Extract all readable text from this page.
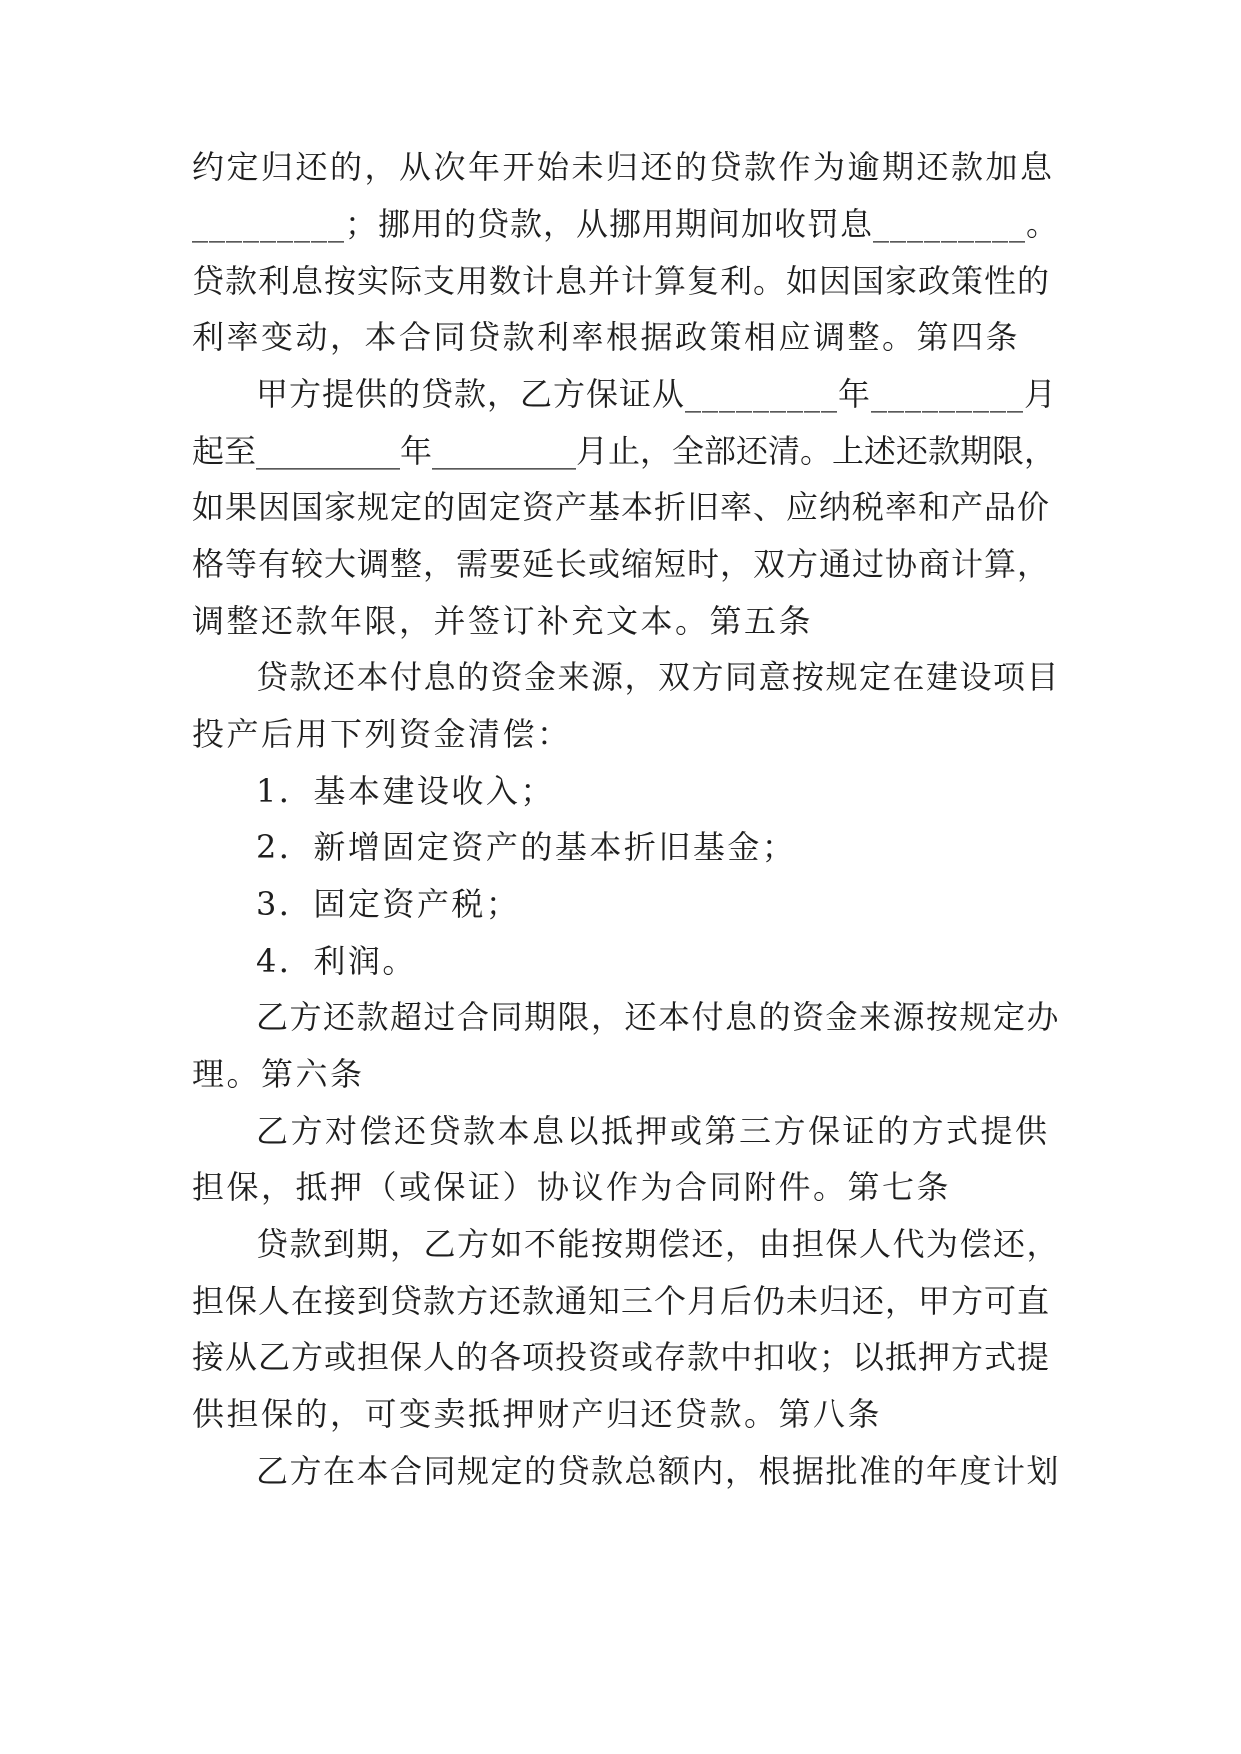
约定归还的，从次年开始未归还的贷款作为逾期还款加息
_________；挪用的贷款，从挪用期间加收罚息_________。
贷款利息按实际支用数计息并计算复利。如因国家政策性的
利率变动，本合同贷款利率根据政策相应调整。第四条
甲方提供的贷款，乙方保证从_________年_________月
起至_________年_________月止，全部还清。上述还款期限，
如果因国家规定的固定资产基本折旧率、应纳税率和产品价
格等有较大调整，需要延长或缩短时，双方通过协商计算，
调整还款年限，并签订补充文本。第五条
贷款还本付息的资金来源，双方同意按规定在建设项目
投产后用下列资金清偿：
1．基本建设收入；
2．新增固定资产的基本折旧基金；
3．固定资产税；
4．利润。
乙方还款超过合同期限，还本付息的资金来源按规定办
理。第六条
乙方对偿还贷款本息以抵押或第三方保证的方式提供
担保，抵押（或保证）协议作为合同附件。第七条
贷款到期，乙方如不能按期偿还，由担保人代为偿还，
担保人在接到贷款方还款通知三个月后仍未归还，甲方可直
接从乙方或担保人的各项投资或存款中扣收；以抵押方式提
供担保的，可变卖抵押财产归还贷款。第八条
乙方在本合同规定的贷款总额内，根据批准的年度计划
